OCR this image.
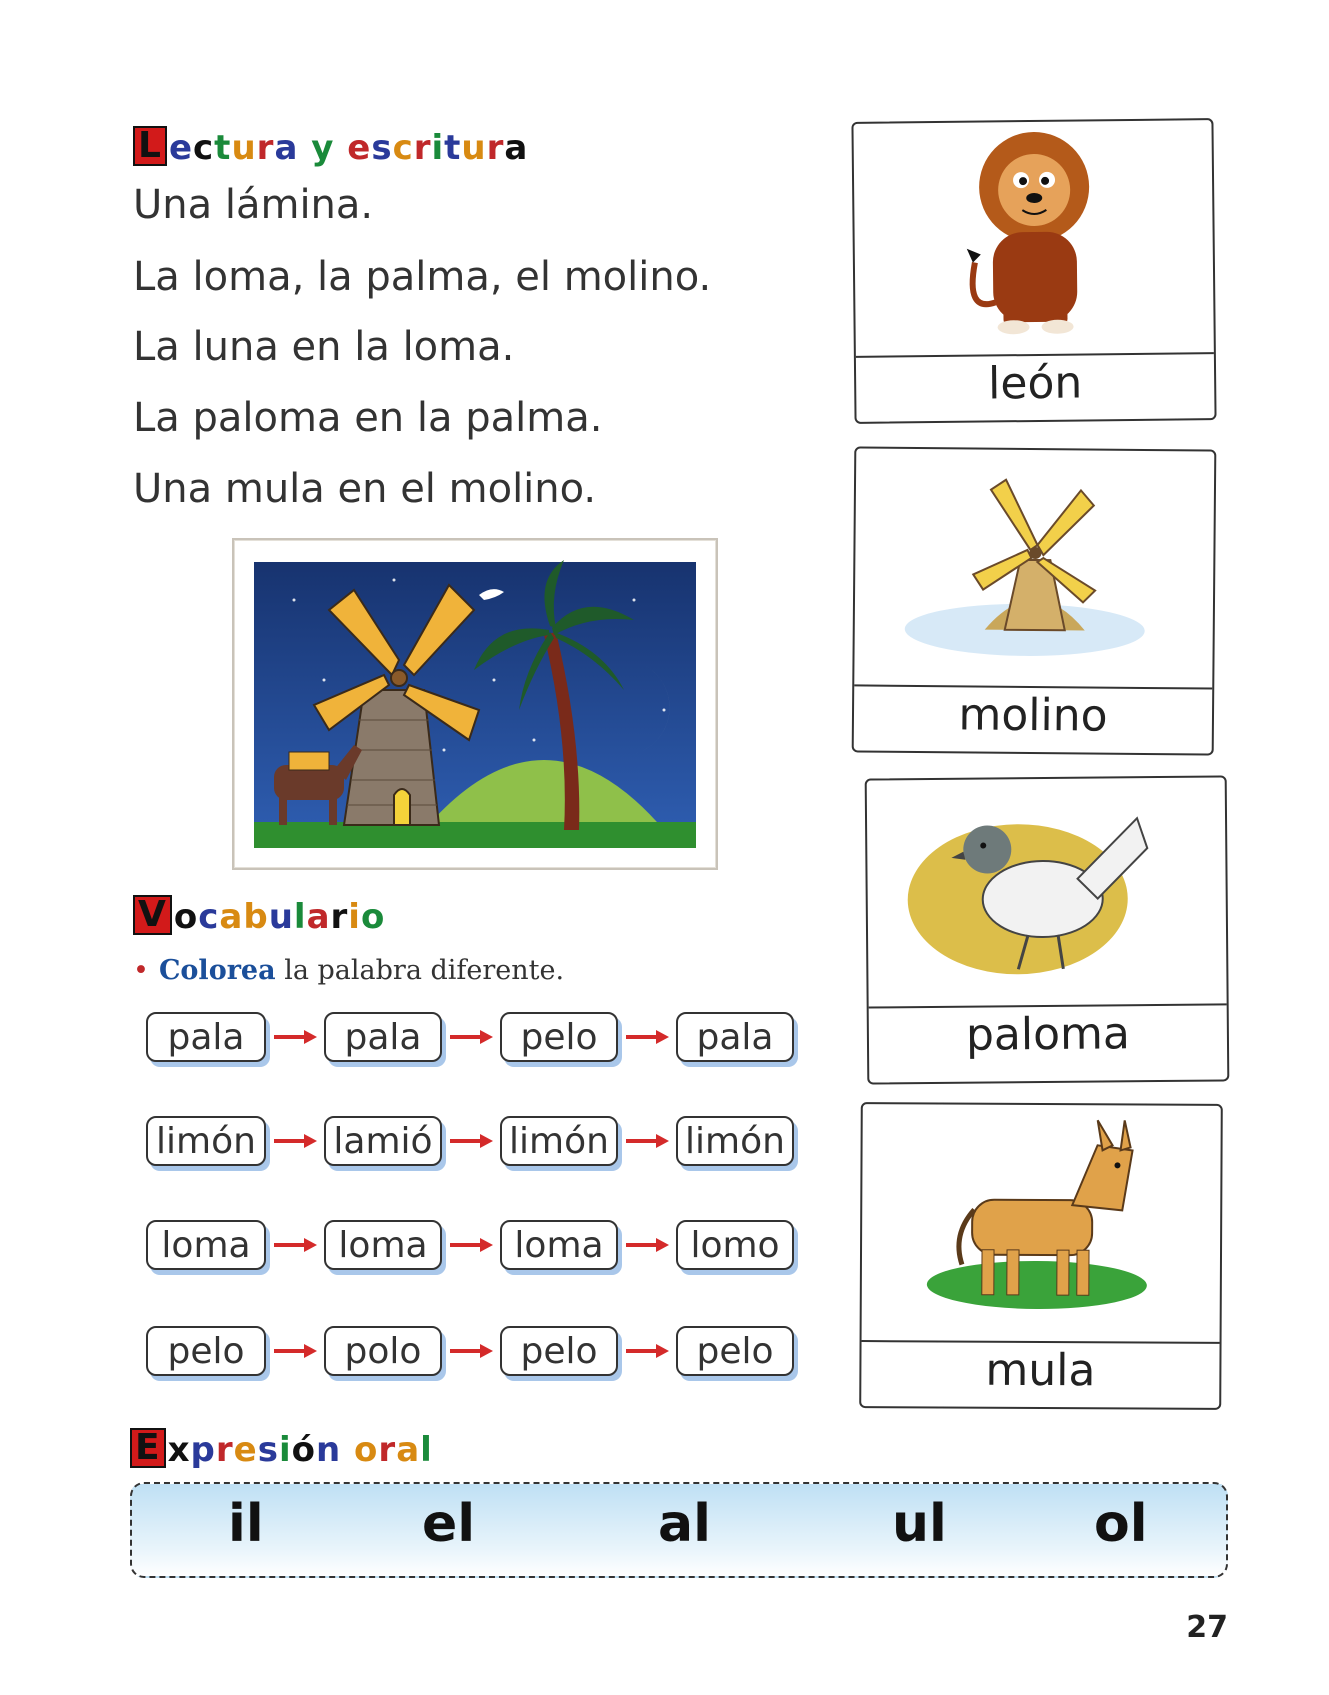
L ectura y escritura
Una lámina.
La loma, la palma, el molino.
La luna en la loma.
La paloma en la palma.
Una mula en el molino.
V ocabulario
• Colorea la palabra diferente.
pala	pala	pelo	pala
limón lamió limón limón
loma	loma	loma	lomo
pelo	polo	pelo	pelo
león
molino
paloma
mula
E xpresión oral
il	el	al	ul	ol
27
